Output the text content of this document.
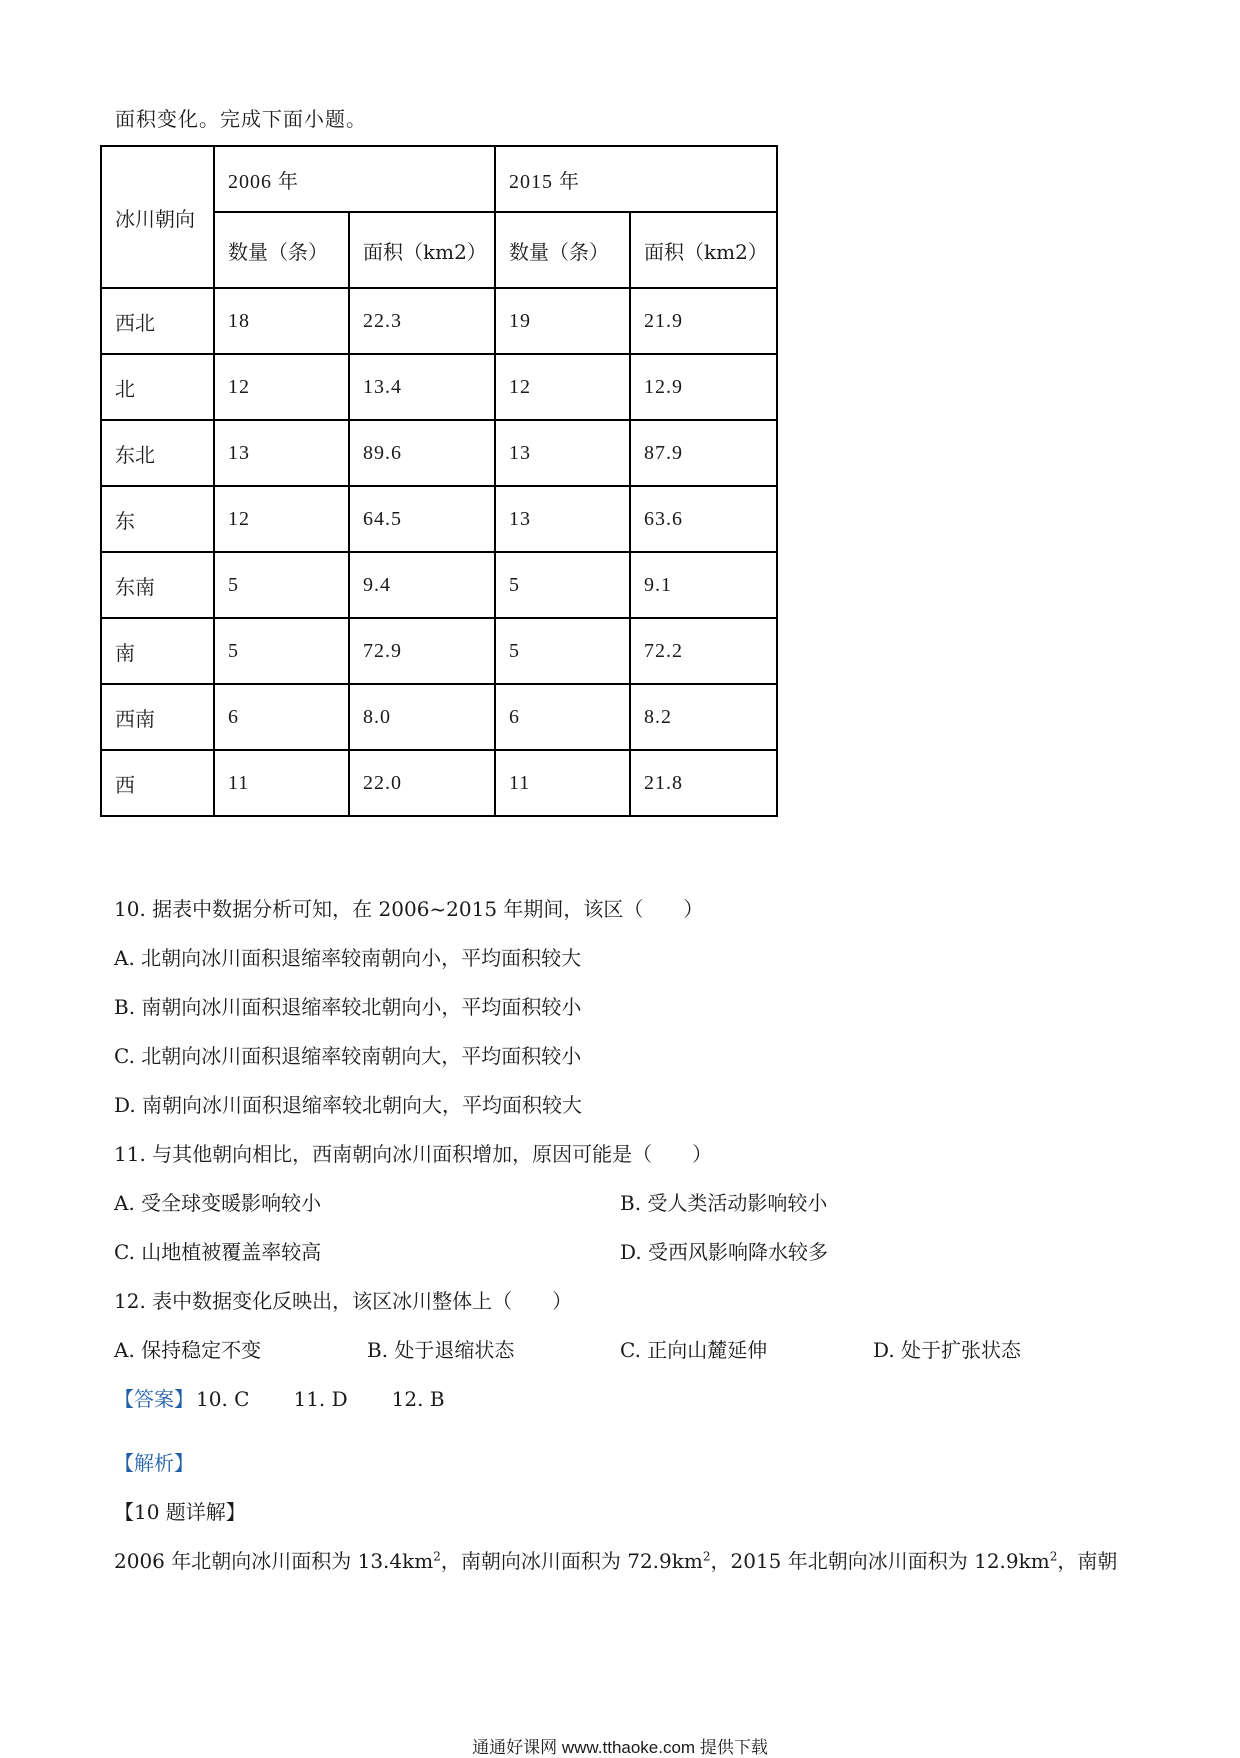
面积变化。完成下面小题。
冰川朝向	2006 年		2015 年	
	数量（条）	面积（km2）	数量（条）	面积（km2）
西北	18	22.3	19	21.9
北	12	13.4	12	12.9
东北	13	89.6	13	87.9
东	12	64.5	13	63.6
东南	5	9.4	5	9.1
南	5	72.9	5	72.2
西南	6	8.0	6	8.2
西	11	22.0	11	21.8
10. 据表中数据分析可知，在 2006~2015 年期间，该区（　　）
A. 北朝向冰川面积退缩率较南朝向小，平均面积较大
B. 南朝向冰川面积退缩率较北朝向小，平均面积较小
C. 北朝向冰川面积退缩率较南朝向大，平均面积较小
D. 南朝向冰川面积退缩率较北朝向大，平均面积较大
11. 与其他朝向相比，西南朝向冰川面积增加，原因可能是（　　）
A. 受全球变暖影响较小	B. 受人类活动影响较小
C. 山地植被覆盖率较高	D. 受西风影响降水较多
12. 表中数据变化反映出，该区冰川整体上（　　）
A. 保持稳定不变	B. 处于退缩状态	C. 正向山麓延伸	D. 处于扩张状态
【答案】 10. C 11. D 12. B
【解析】
【10 题详解】
2006 年北朝向冰川面积为 $13.4km^2$，南朝向冰川面积为 $72.9km^2$，2015 年北朝向冰川面积为 $12.9km^2$，南朝
通通好课网 www.tthaoke.com 提供下载
